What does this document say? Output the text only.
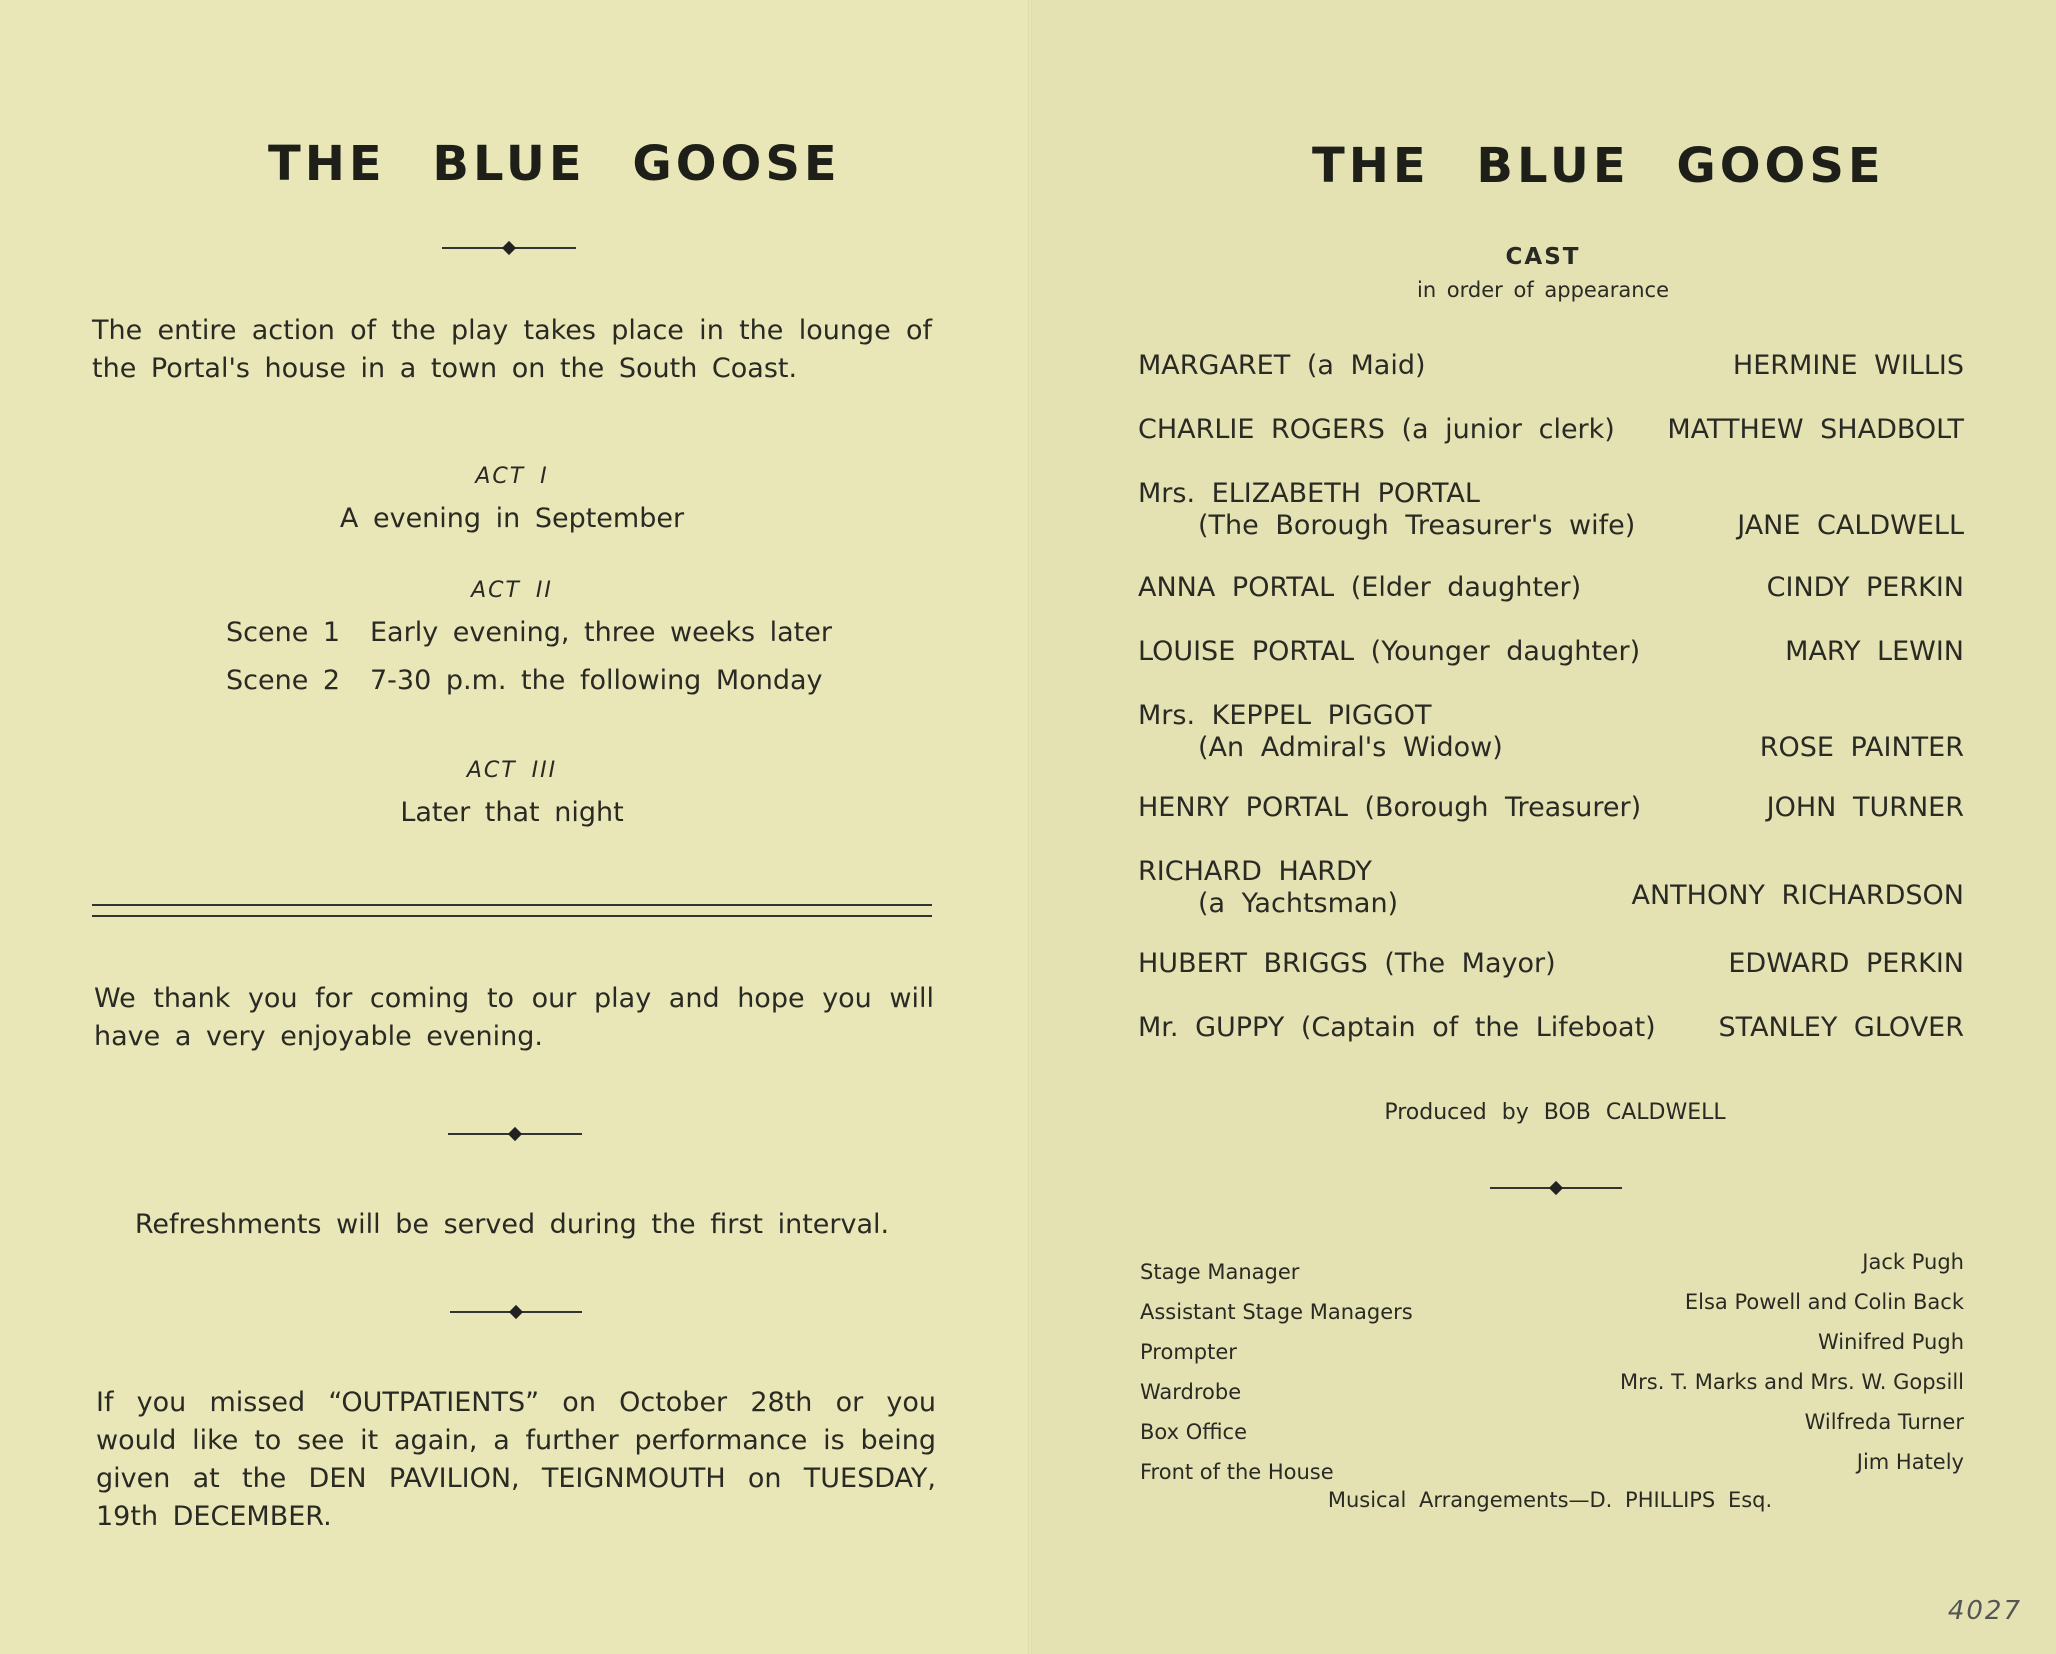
THE BLUE GOOSE
The entire action of the play takes place in the lounge of the Portal's house in a town on the South Coast.
ACT I
A evening in September
ACT II
Scene 1 Early evening, three weeks later
Scene 2 7-30 p.m. the following Monday
ACT III
Later that night
We thank you for coming to our play and hope you will have a very enjoyable evening.
Refreshments will be served during the first interval.
If you missed “OUTPATIENTS” on October 28th or you would like to see it again, a further performance is being given at the DEN PAVILION, TEIGNMOUTH on TUESDAY, 19th DECEMBER.
THE BLUE GOOSE
CAST
in order of appearance
MARGARET (a Maid)	HERMINE WILLIS
CHARLIE ROGERS (a junior clerk) MATTHEW SHADBOLT
Mrs. ELIZABETH PORTAL
(The Borough Treasurer's wife)	JANE CALDWELL
ANNA PORTAL (Elder daughter)	CINDY PERKIN
LOUISE PORTAL (Younger daughter)	MARY LEWIN
Mrs. KEPPEL PIGGOT
(An Admiral's Widow)	ROSE PAINTER
HENRY PORTAL (Borough Treasurer)	JOHN TURNER
RICHARD HARDY
(a Yachtsman)	ANTHONY RICHARDSON
HUBERT BRIGGS (The Mayor)	EDWARD PERKIN
Mr. GUPPY (Captain of the Lifeboat) STANLEY GLOVER
Produced by BOB CALDWELL
Stage Manager	Jack Pugh
Assistant Stage Managers	Elsa Powell and Colin Back
Prompter	Winifred Pugh
Wardrobe	Mrs. T. Marks and Mrs. W. Gopsill
Box Office	Wilfreda Turner
Front of the House	Jim Hately
Musical Arrangements—D. PHILLIPS Esq.
4027
